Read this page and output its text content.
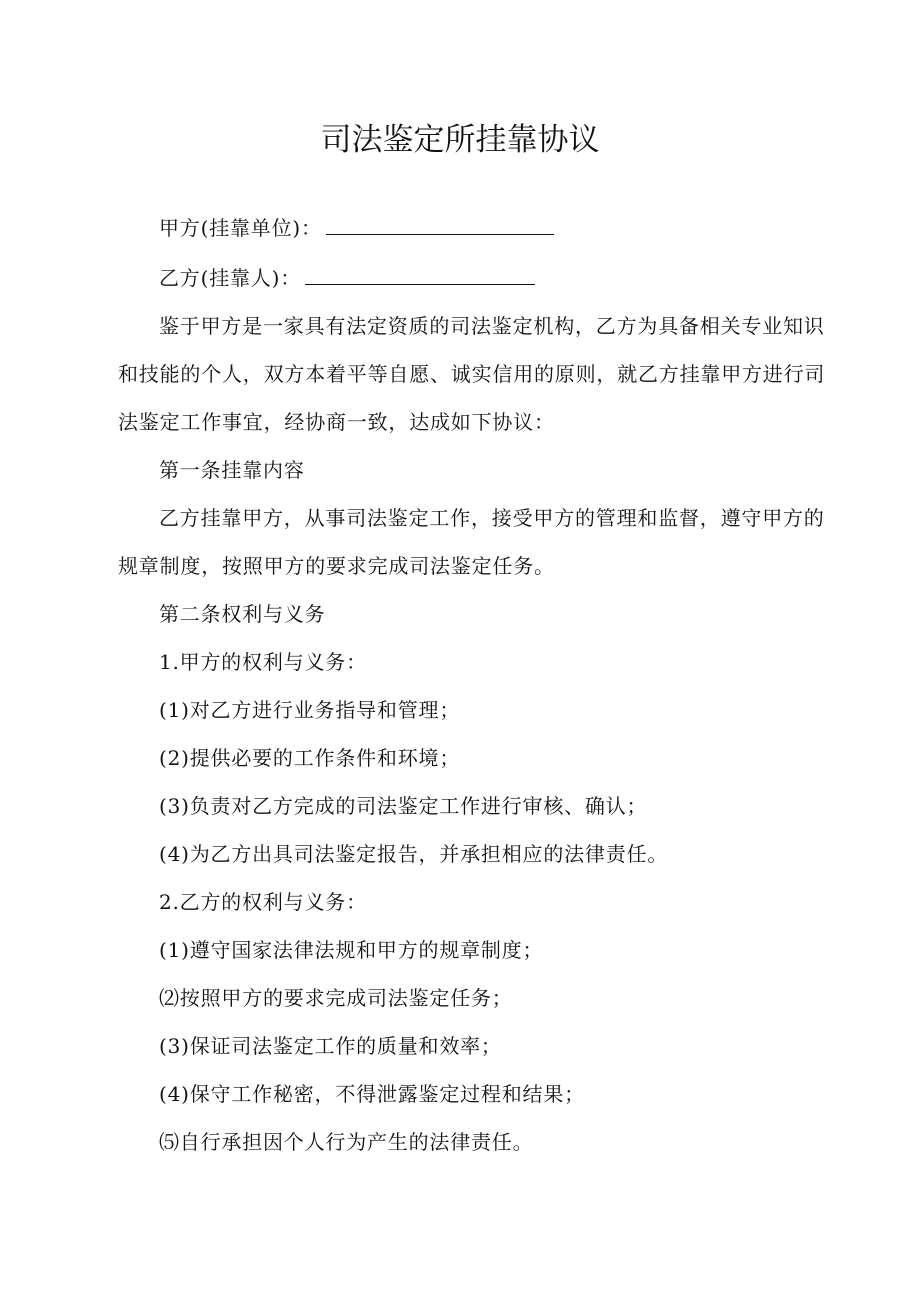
司法鉴定所挂靠协议
甲方(挂靠单位)：
乙方(挂靠人)：
鉴于甲方是一家具有法定资质的司法鉴定机构，乙方为具备相关专业知识
和技能的个人，双方本着平等自愿、诚实信用的原则，就乙方挂靠甲方进行司
法鉴定工作事宜，经协商一致，达成如下协议：
第一条挂靠内容
乙方挂靠甲方，从事司法鉴定工作，接受甲方的管理和监督，遵守甲方的
规章制度，按照甲方的要求完成司法鉴定任务。
第二条权利与义务
1.甲方的权利与义务：
(1)对乙方进行业务指导和管理；
(2)提供必要的工作条件和环境；
(3)负责对乙方完成的司法鉴定工作进行审核、确认；
(4)为乙方出具司法鉴定报告，并承担相应的法律责任。
2.乙方的权利与义务：
(1)遵守国家法律法规和甲方的规章制度；
⑵按照甲方的要求完成司法鉴定任务；
(3)保证司法鉴定工作的质量和效率；
(4)保守工作秘密，不得泄露鉴定过程和结果；
⑸自行承担因个人行为产生的法律责任。
